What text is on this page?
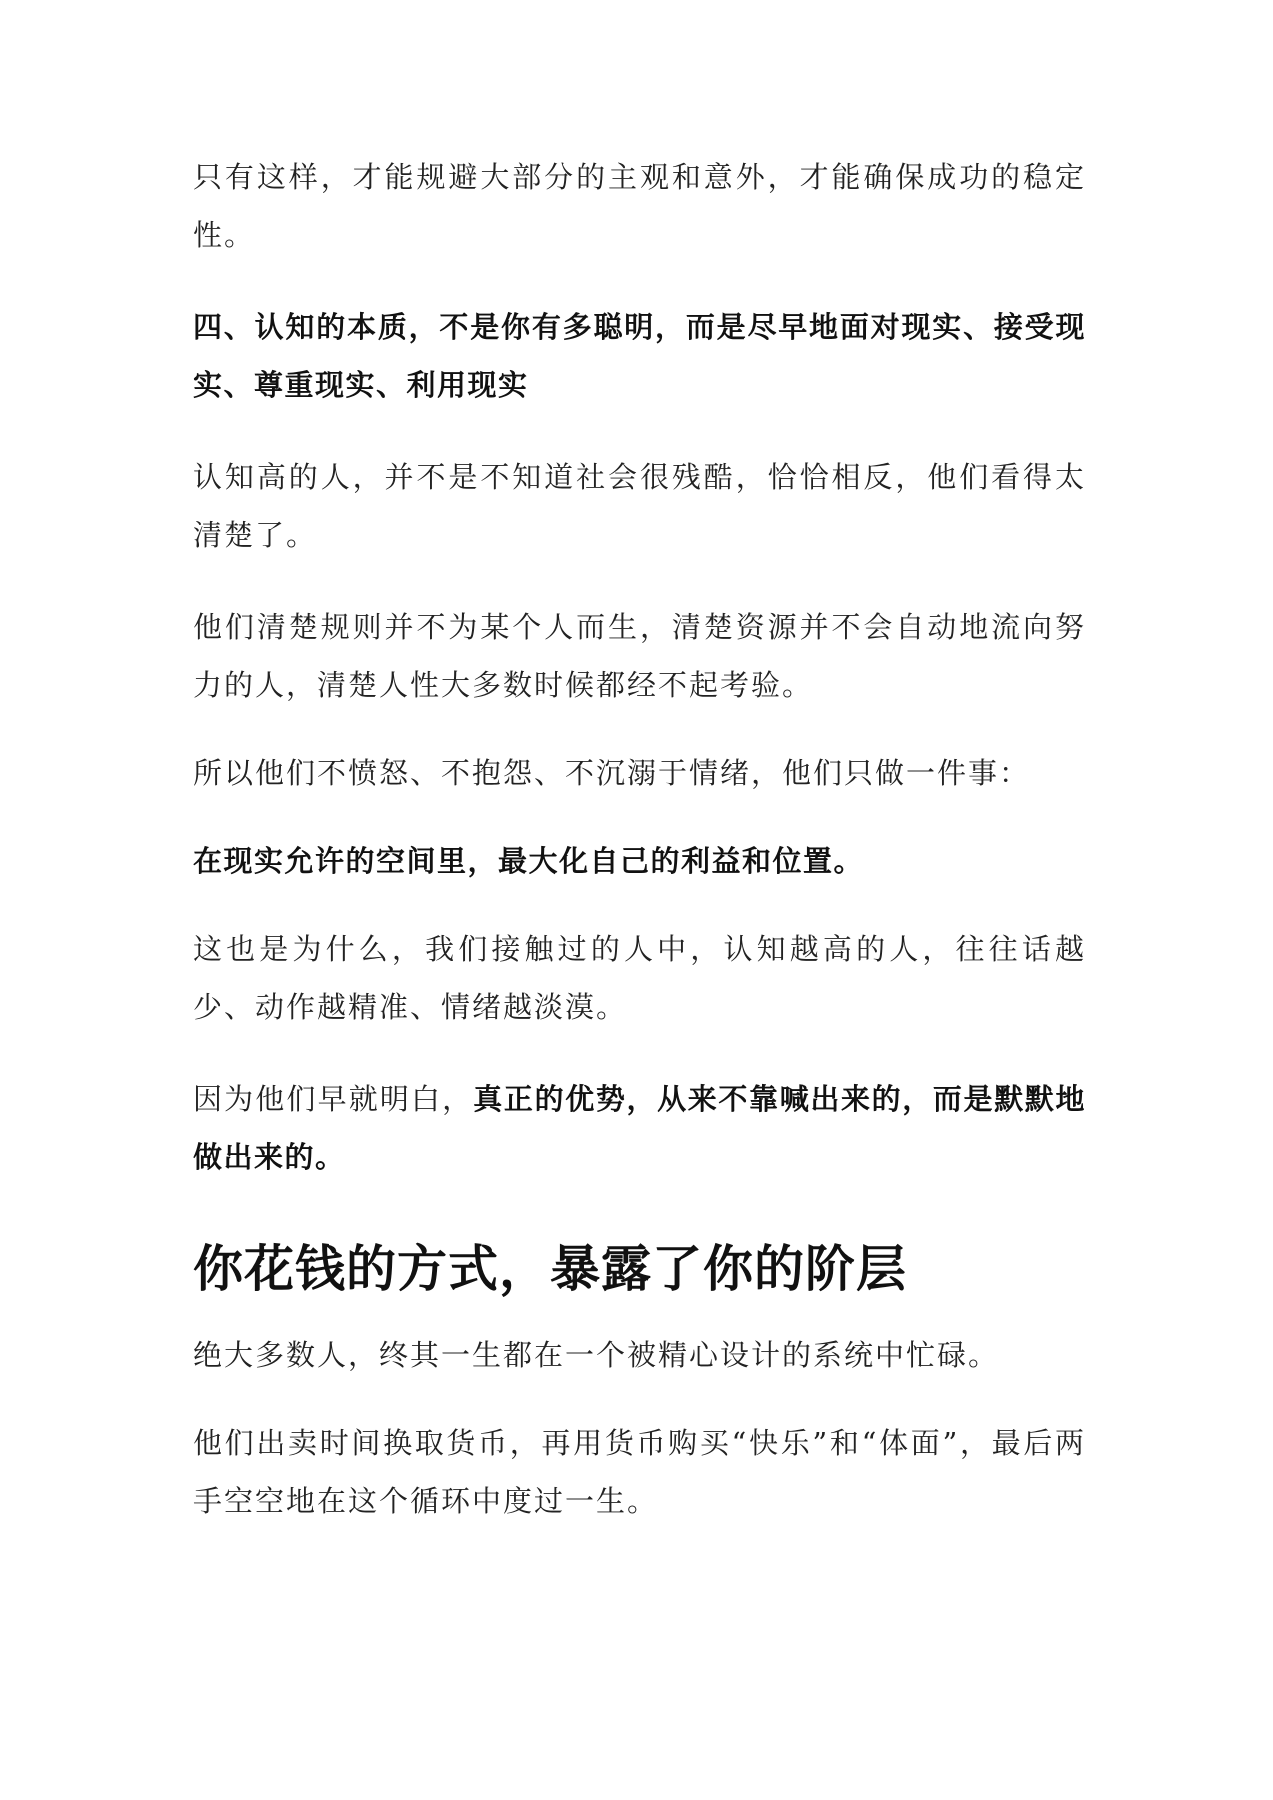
只有这样，才能规避大部分的主观和意外，才能确保成功的稳定性。

四、认知的本质，不是你有多聪明，而是尽早地面对现实、接受现实、尊重现实、利用现实

认知高的人，并不是不知道社会很残酷，恰恰相反，他们看得太清楚了。

他们清楚规则并不为某个人而生，清楚资源并不会自动地流向努力的人，清楚人性大多数时候都经不起考验。

所以他们不愤怒、不抱怨、不沉溺于情绪，他们只做一件事：

在现实允许的空间里，最大化自己的利益和位置。

这也是为什么，我们接触过的人中，认知越高的人，往往话越少、动作越精准、情绪越淡漠。

因为他们早就明白，真正的优势，从来不靠喊出来的，而是默默地做出来的。

你花钱的方式，暴露了你的阶层

绝大多数人，终其一生都在一个被精心设计的系统中忙碌。

他们出卖时间换取货币，再用货币购买“快乐”和“体面”，最后两手空空地在这个循环中度过一生。
